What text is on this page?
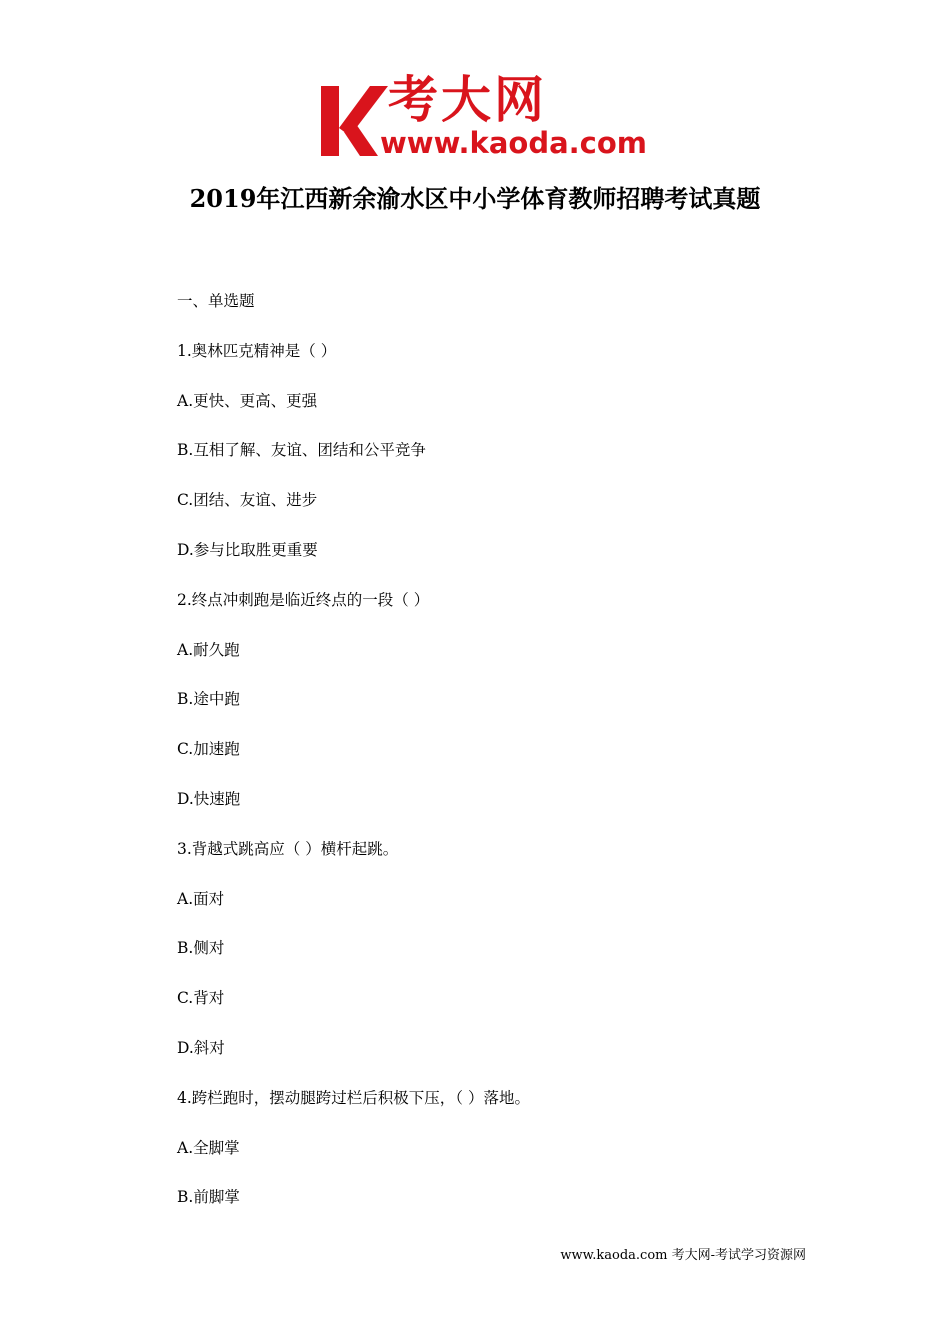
考大网
www.kaoda.com
2019年江西新余渝水区中小学体育教师招聘考试真题
一、单选题
1.奥林匹克精神是（ ）
A.更快、更高、更强
B.互相了解、友谊、团结和公平竞争
C.团结、友谊、进步
D.参与比取胜更重要
2.终点冲刺跑是临近终点的一段（ ）
A.耐久跑
B.途中跑
C.加速跑
D.快速跑
3.背越式跳高应（ ）横杆起跳。
A.面对
B.侧对
C.背对
D.斜对
4.跨栏跑时，摆动腿跨过栏后积极下压，（ ）落地。
A.全脚掌
B.前脚掌
www.kaoda.com 考大网-考试学习资源网
